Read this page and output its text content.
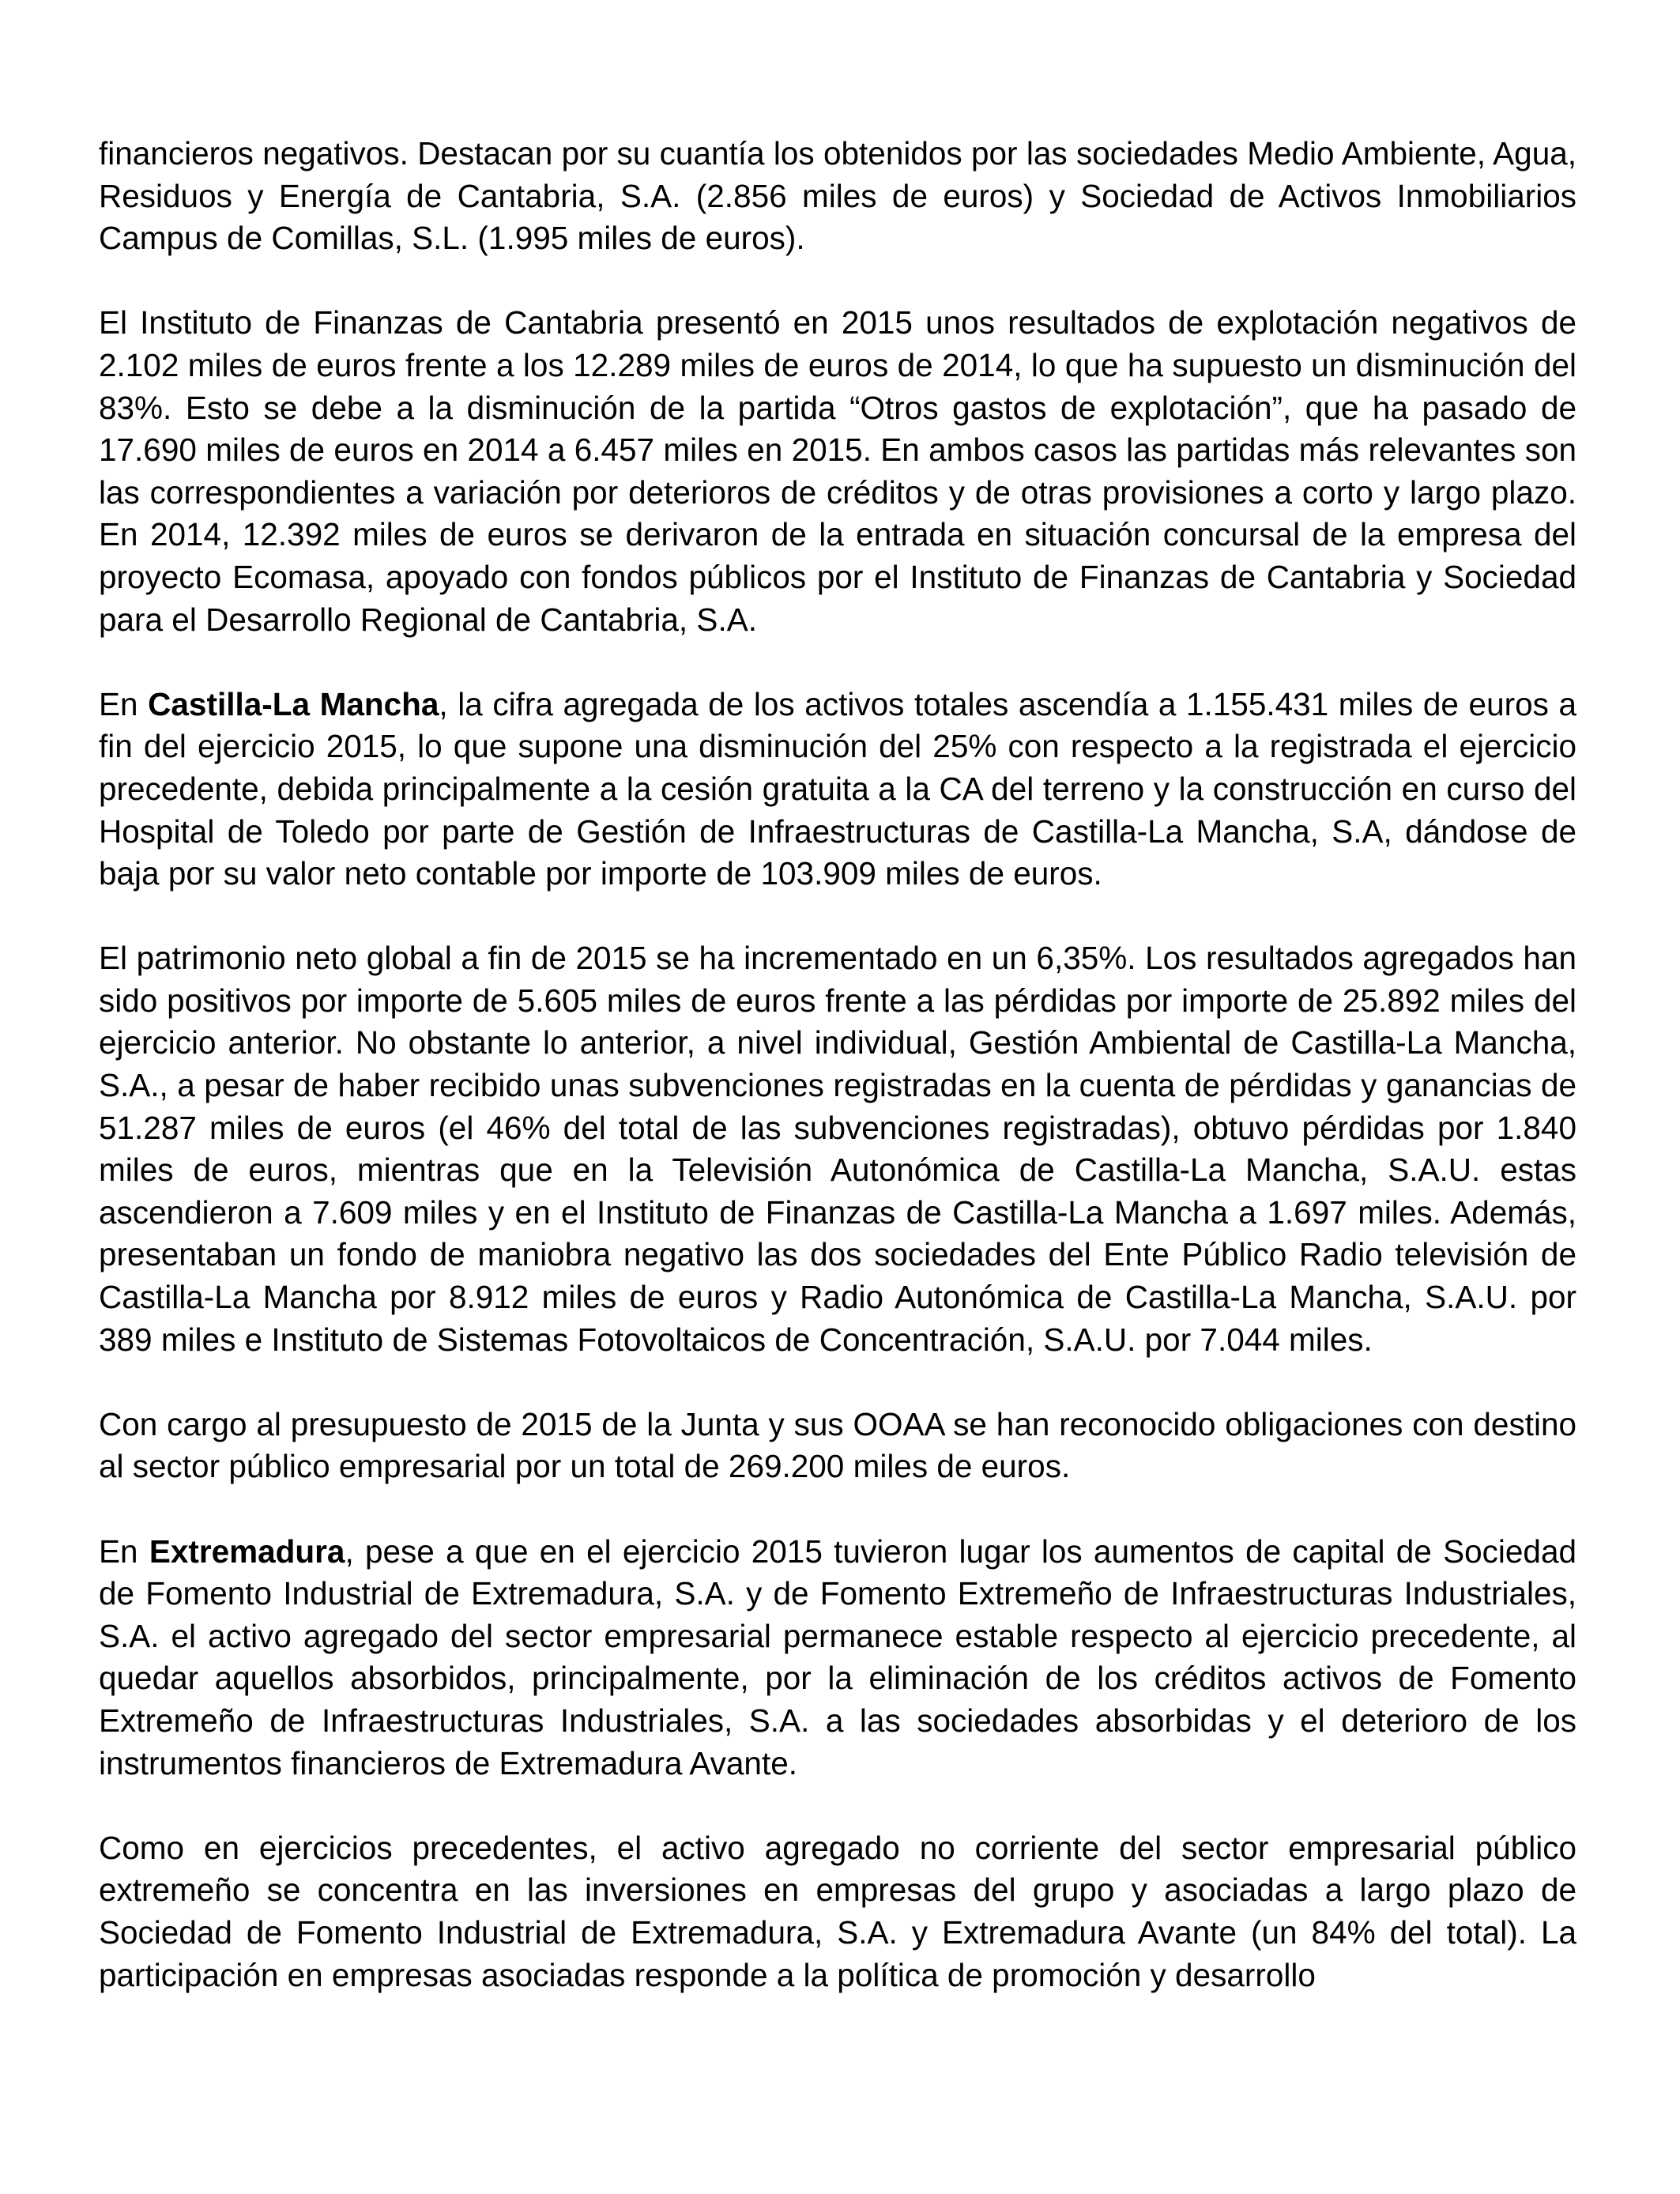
financieros negativos. Destacan por su cuantía los obtenidos por las sociedades Medio Ambiente, Agua, Residuos y Energía de Cantabria, S.A. (2.856 miles de euros) y Sociedad de Activos Inmobiliarios Campus de Comillas, S.L. (1.995 miles de euros).

El Instituto de Finanzas de Cantabria presentó en 2015 unos resultados de explotación negativos de 2.102 miles de euros frente a los 12.289 miles de euros de 2014, lo que ha supuesto un disminución del 83%. Esto se debe a la disminución de la partida “Otros gastos de explotación”, que ha pasado de 17.690 miles de euros en 2014 a 6.457 miles en 2015. En ambos casos las partidas más relevantes son las correspondientes a variación por deterioros de créditos y de otras provisiones a corto y largo plazo. En 2014, 12.392 miles de euros se derivaron de la entrada en situación concursal de la empresa del proyecto Ecomasa, apoyado con fondos públicos por el Instituto de Finanzas de Cantabria y Sociedad para el Desarrollo Regional de Cantabria, S.A.

En Castilla-La Mancha, la cifra agregada de los activos totales ascendía a 1.155.431 miles de euros a fin del ejercicio 2015, lo que supone una disminución del 25% con respecto a la registrada el ejercicio precedente, debida principalmente a la cesión gratuita a la CA del terreno y la construcción en curso del Hospital de Toledo por parte de Gestión de Infraestructuras de Castilla-La Mancha, S.A, dándose de baja por su valor neto contable por importe de 103.909 miles de euros.

El patrimonio neto global a fin de 2015 se ha incrementado en un 6,35%. Los resultados agregados han sido positivos por importe de 5.605 miles de euros frente a las pérdidas por importe de 25.892 miles del ejercicio anterior. No obstante lo anterior, a nivel individual, Gestión Ambiental de Castilla-La Mancha, S.A., a pesar de haber recibido unas subvenciones registradas en la cuenta de pérdidas y ganancias de 51.287 miles de euros (el 46% del total de las subvenciones registradas), obtuvo pérdidas por 1.840 miles de euros, mientras que en la Televisión Autonómica de Castilla-La Mancha, S.A.U. estas ascendieron a 7.609 miles y en el Instituto de Finanzas de Castilla-La Mancha a 1.697 miles. Además, presentaban un fondo de maniobra negativo las dos sociedades del Ente Público Radio televisión de Castilla-La Mancha por 8.912 miles de euros y Radio Autonómica de Castilla-La Mancha, S.A.U. por 389 miles e Instituto de Sistemas Fotovoltaicos de Concentración, S.A.U. por 7.044 miles.

Con cargo al presupuesto de 2015 de la Junta y sus OOAA se han reconocido obligaciones con destino al sector público empresarial por un total de 269.200 miles de euros.

En Extremadura, pese a que en el ejercicio 2015 tuvieron lugar los aumentos de capital de Sociedad de Fomento Industrial de Extremadura, S.A. y de Fomento Extremeño de Infraestructuras Industriales, S.A. el activo agregado del sector empresarial permanece estable respecto al ejercicio precedente, al quedar aquellos absorbidos, principalmente, por la eliminación de los créditos activos de Fomento Extremeño de Infraestructuras Industriales, S.A. a las sociedades absorbidas y el deterioro de los instrumentos financieros de Extremadura Avante.

Como en ejercicios precedentes, el activo agregado no corriente del sector empresarial público extremeño se concentra en las inversiones en empresas del grupo y asociadas a largo plazo de Sociedad de Fomento Industrial de Extremadura, S.A. y Extremadura Avante (un 84% del total). La participación en empresas asociadas responde a la política de promoción y desarrollo
